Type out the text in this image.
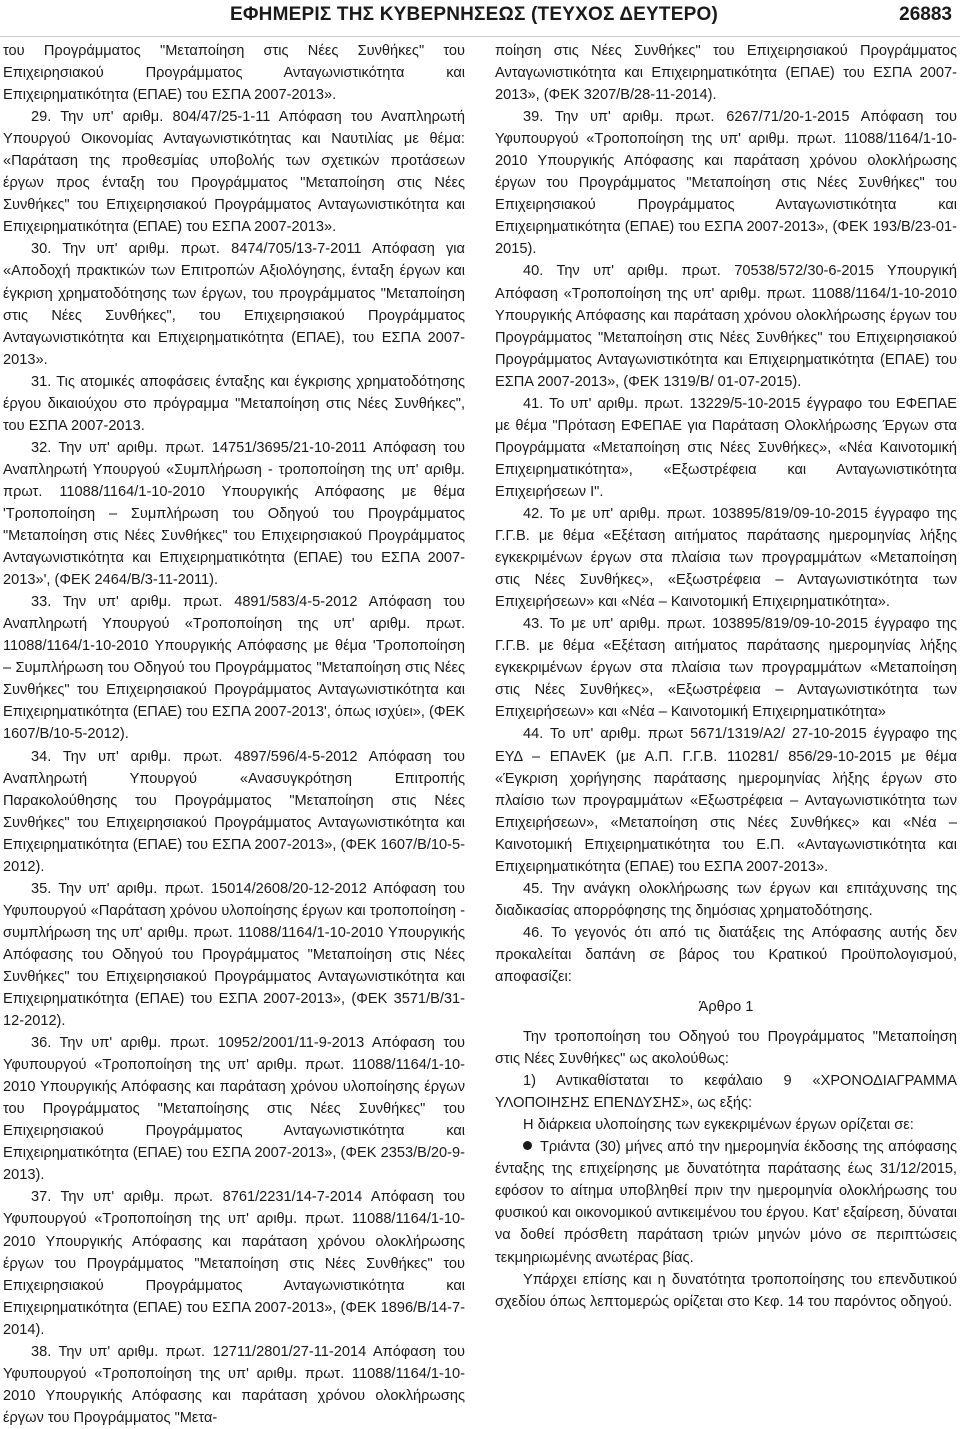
ΕΦΗΜΕΡΙΣ ΤΗΣ ΚΥΒΕΡΝΗΣΕΩΣ (ΤΕΥΧΟΣ ΔΕΥΤΕΡΟ)	26883

του Προγράμματος "Μεταποίηση στις Νέες Συνθήκες" του Επιχειρησιακού Προγράμματος Ανταγωνιστικότητα και Επιχειρηματικότητα (ΕΠΑΕ) του ΕΣΠΑ 2007-2013».

29. Την υπ' αριθμ. 804/47/25-1-11 Απόφαση του Αναπληρωτή Υπουργού Οικονομίας Ανταγωνιστικότητας και Ναυτιλίας με θέμα: «Παράταση της προθεσμίας υποβολής των σχετικών προτάσεων έργων προς ένταξη του Προγράμματος "Μεταποίηση στις Νέες Συνθήκες" του Επιχειρησιακού Προγράμματος Ανταγωνιστικότητα και Επιχειρηματικότητα (ΕΠΑΕ) του ΕΣΠΑ 2007-2013».

30. Την υπ' αριθμ. πρωτ. 8474/705/13-7-2011 Απόφαση για «Αποδοχή πρακτικών των Επιτροπών Αξιολόγησης, ένταξη έργων και έγκριση χρηματοδότησης των έργων, του προγράμματος "Μεταποίηση στις Νέες Συνθήκες", του Επιχειρησιακού Προγράμματος Ανταγωνιστικότητα και Επιχειρηματικότητα (ΕΠΑΕ), του ΕΣΠΑ 2007-2013».

31. Τις ατομικές αποφάσεις ένταξης και έγκρισης χρηματοδότησης έργου δικαιούχου στο πρόγραμμα "Μεταποίηση στις Νέες Συνθήκες", του ΕΣΠΑ 2007-2013.

32. Την υπ' αριθμ. πρωτ. 14751/3695/21-10-2011 Απόφαση του Αναπληρωτή Υπουργού «Συμπλήρωση - τροποποίηση της υπ' αριθμ. πρωτ. 11088/1164/1-10-2010 Υπουργικής Απόφασης με θέμα 'Τροποποίηση – Συμπλήρωση του Οδηγού του Προγράμματος "Μεταποίηση στις Νέες Συνθήκες" του Επιχειρησιακού Προγράμματος Ανταγωνιστικότητα και Επιχειρηματικότητα (ΕΠΑΕ) του ΕΣΠΑ 2007-2013»', (ΦΕΚ 2464/Β/3-11-2011).

33. Την υπ' αριθμ. πρωτ. 4891/583/4-5-2012 Απόφαση του Αναπληρωτή Υπουργού «Τροποποίηση της υπ' αριθμ. πρωτ. 11088/1164/1-10-2010 Υπουργικής Απόφασης με θέμα 'Τροποποίηση – Συμπλήρωση του Οδηγού του Προγράμματος "Μεταποίηση στις Νέες Συνθήκες" του Επιχειρησιακού Προγράμματος Ανταγωνιστικότητα και Επιχειρηματικότητα (ΕΠΑΕ) του ΕΣΠΑ 2007-2013', όπως ισχύει», (ΦΕΚ 1607/Β/10-5-2012).

34. Την υπ' αριθμ. πρωτ. 4897/596/4-5-2012 Απόφαση του Αναπληρωτή Υπουργού «Ανασυγκρότηση Επιτροπής Παρακολούθησης του Προγράμματος "Μεταποίηση στις Νέες Συνθήκες" του Επιχειρησιακού Προγράμματος Ανταγωνιστικότητα και Επιχειρηματικότητα (ΕΠΑΕ) του ΕΣΠΑ 2007-2013», (ΦΕΚ 1607/Β/10-5-2012).

35. Την υπ' αριθμ. πρωτ. 15014/2608/20-12-2012 Απόφαση του Υφυπουργού «Παράταση χρόνου υλοποίησης έργων και τροποποίηση - συμπλήρωση της υπ' αριθμ. πρωτ. 11088/1164/1-10-2010 Υπουργικής Απόφασης του Οδηγού του Προγράμματος "Μεταποίηση στις Νέες Συνθήκες" του Επιχειρησιακού Προγράμματος Ανταγωνιστικότητα και Επιχειρηματικότητα (ΕΠΑΕ) του ΕΣΠΑ 2007-2013», (ΦΕΚ 3571/Β/31-12-2012).

36. Την υπ' αριθμ. πρωτ. 10952/2001/11-9-2013 Απόφαση του Υφυπουργού «Τροποποίηση της υπ' αριθμ. πρωτ. 11088/1164/1-10-2010 Υπουργικής Απόφασης και παράταση χρόνου υλοποίησης έργων του Προγράμματος "Μεταποίησης στις Νέες Συνθήκες" του Επιχειρησιακού Προγράμματος Ανταγωνιστικότητα και Επιχειρηματικότητα (ΕΠΑΕ) του ΕΣΠΑ 2007-2013», (ΦΕΚ 2353/Β/20-9-2013).

37. Την υπ' αριθμ. πρωτ. 8761/2231/14-7-2014 Απόφαση του Υφυπουργού «Τροποποίηση της υπ' αριθμ. πρωτ. 11088/1164/1-10-2010 Υπουργικής Απόφασης και παράταση χρόνου ολοκλήρωσης έργων του Προγράμματος "Μεταποίηση στις Νέες Συνθήκες" του Επιχειρησιακού Προγράμματος Ανταγωνιστικότητα και Επιχειρηματικότητα (ΕΠΑΕ) του ΕΣΠΑ 2007-2013», (ΦΕΚ 1896/Β/14-7-2014).

38. Την υπ' αριθμ. πρωτ. 12711/2801/27-11-2014 Απόφαση του Υφυπουργού «Τροποποίηση της υπ' αριθμ. πρωτ. 11088/1164/1-10-2010 Υπουργικής Απόφασης και παράταση χρόνου ολοκλήρωσης έργων του Προγράμματος "Μετα-

ποίηση στις Νέες Συνθήκες" του Επιχειρησιακού Προγράμματος Ανταγωνιστικότητα και Επιχειρηματικότητα (ΕΠΑΕ) του ΕΣΠΑ 2007-2013», (ΦΕΚ 3207/Β/28-11-2014).

39. Την υπ' αριθμ. πρωτ. 6267/71/20-1-2015 Απόφαση του Υφυπουργού «Τροποποίηση της υπ' αριθμ. πρωτ. 11088/1164/1-10-2010 Υπουργικής Απόφασης και παράταση χρόνου ολοκλήρωσης έργων του Προγράμματος "Μεταποίηση στις Νέες Συνθήκες" του Επιχειρησιακού Προγράμματος Ανταγωνιστικότητα και Επιχειρηματικότητα (ΕΠΑΕ) του ΕΣΠΑ 2007-2013», (ΦΕΚ 193/Β/23-01-2015).

40. Την υπ' αριθμ. πρωτ. 70538/572/30-6-2015 Υπουργική Απόφαση «Τροποποίηση της υπ' αριθμ. πρωτ. 11088/1164/1-10-2010 Υπουργικής Απόφασης και παράταση χρόνου ολοκλήρωσης έργων του Προγράμματος "Μεταποίηση στις Νέες Συνθήκες" του Επιχειρησιακού Προγράμματος Ανταγωνιστικότητα και Επιχειρηματικότητα (ΕΠΑΕ) του ΕΣΠΑ 2007-2013», (ΦΕΚ 1319/Β/ 01-07-2015).

41. Το υπ' αριθμ. πρωτ. 13229/5-10-2015 έγγραφο του ΕΦΕΠΑΕ με θέμα "Πρόταση ΕΦΕΠΑΕ για Παράταση Ολοκλήρωσης Έργων στα Προγράμματα «Μεταποίηση στις Νέες Συνθήκες», «Νέα Καινοτομική Επιχειρηματικότητα», «Εξωστρέφεια και Ανταγωνιστικότητα Επιχειρήσεων Ι".

42. Το με υπ' αριθμ. πρωτ. 103895/819/09-10-2015 έγγραφο της Γ.Γ.Β. με θέμα «Εξέταση αιτήματος παράτασης ημερομηνίας λήξης εγκεκριμένων έργων στα πλαίσια των προγραμμάτων «Μεταποίηση στις Νέες Συνθήκες», «Εξωστρέφεια – Ανταγωνιστικότητα των Επιχειρήσεων» και «Νέα – Καινοτομική Επιχειρηματικότητα».

43. Το με υπ' αριθμ. πρωτ. 103895/819/09-10-2015 έγγραφο της Γ.Γ.Β. με θέμα «Εξέταση αιτήματος παράτασης ημερομηνίας λήξης εγκεκριμένων έργων στα πλαίσια των προγραμμάτων «Μεταποίηση στις Νέες Συνθήκες», «Εξωστρέφεια – Ανταγωνιστικότητα των Επιχειρήσεων» και «Νέα – Καινοτομική Επιχειρηματικότητα»

44. Το υπ' αριθμ. πρωτ 5671/1319/Α2/ 27-10-2015 έγγραφο της ΕΥΔ – ΕΠΑνΕΚ (με Α.Π. Γ.Γ.Β. 110281/ 856/29-10-2015 με θέμα «Έγκριση χορήγησης παράτασης ημερομηνίας λήξης έργων στο πλαίσιο των προγραμμάτων «Εξωστρέφεια – Ανταγωνιστικότητα των Επιχειρήσεων», «Μεταποίηση στις Νέες Συνθήκες» και «Νέα – Καινοτομική Επιχειρηματικότητα του Ε.Π. «Ανταγωνιστικότητα και Επιχειρηματικότητα (ΕΠΑΕ) του ΕΣΠΑ 2007-2013».

45. Την ανάγκη ολοκλήρωσης των έργων και επιτάχυνσης της διαδικασίας απορρόφησης της δημόσιας χρηματοδότησης.

46. Το γεγονός ότι από τις διατάξεις της Απόφασης αυτής δεν προκαλείται δαπάνη σε βάρος του Κρατικού Προϋπολογισμού, αποφασίζει:

Άρθρο 1

Την τροποποίηση του Οδηγού του Προγράμματος "Μεταποίηση στις Νέες Συνθήκες" ως ακολούθως:

1) Αντικαθίσταται το κεφάλαιο 9 «ΧΡΟΝΟΔΙΑΓΡΑΜΜΑ ΥΛΟΠΟΙΗΣΗΣ ΕΠΕΝΔΥΣΗΣ», ως εξής:

Η διάρκεια υλοποίησης των εγκεκριμένων έργων ορίζεται σε:

Τριάντα (30) μήνες από την ημερομηνία έκδοσης της απόφασης ένταξης της επιχείρησης με δυνατότητα παράτασης έως 31/12/2015, εφόσον το αίτημα υποβληθεί πριν την ημερομηνία ολοκλήρωσης του φυσικού και οικονομικού αντικειμένου του έργου. Κατ' εξαίρεση, δύναται να δοθεί πρόσθετη παράταση τριών μηνών μόνο σε περιπτώσεις τεκμηριωμένης ανωτέρας βίας.

Υπάρχει επίσης και η δυνατότητα τροποποίησης του επενδυτικού σχεδίου όπως λεπτομερώς ορίζεται στο Κεφ. 14 του παρόντος οδηγού.
